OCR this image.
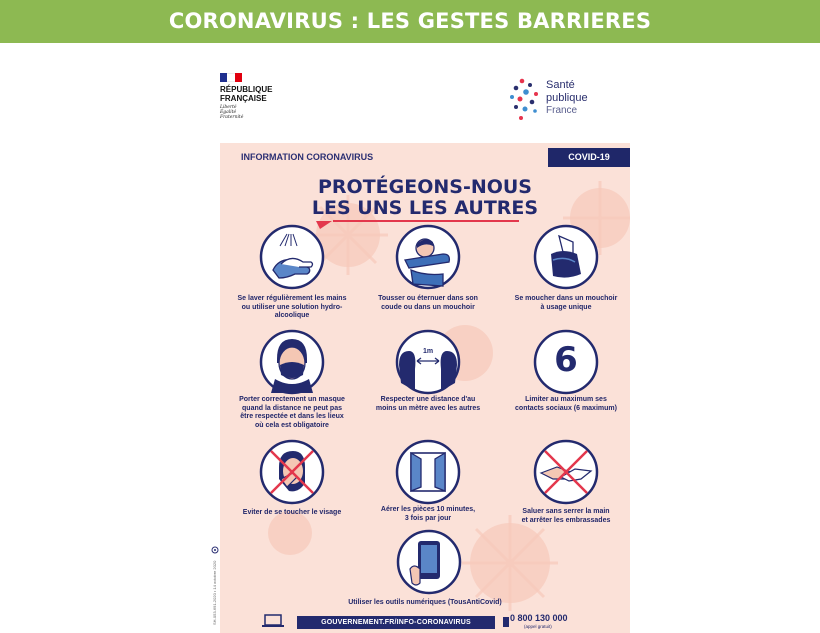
CORONAVIRUS : LES GESTES BARRIERES
RÉPUBLIQUE
FRANÇAISE
Liberté
Égalité
Fraternité
Santé
publique
France
INFORMATION CORONAVIRUS	COVID-19
PROTÉGEONS-NOUS
LES UNS LES AUTRES
Se laver régulièrement les mains
ou utiliser une solution hydro-
alcoolique
Tousser ou éternuer dans son
coude ou dans un mouchoir
Se moucher dans un mouchoir
à usage unique
Porter correctement un masque
quand la distance ne peut pas
être respectée et dans les lieux
où cela est obligatoire
1m
Respecter une distance d'au
moins un mètre avec les autres
6
Limiter au maximum ses
contacts sociaux (6 maximum)
Eviter de se toucher le visage	Aérer les pièces 10 minutes,
3 fois par jour
Saluer sans serrer la main
et arrêter les embrassades
Utiliser les outils numériques (TousAntiCovid)
GOUVERNEMENT.FR/INFO-CORONAVIRUS	0 800 130 000
(appel gratuit)
SH-053-691-2020 • 14 octobre 2020
